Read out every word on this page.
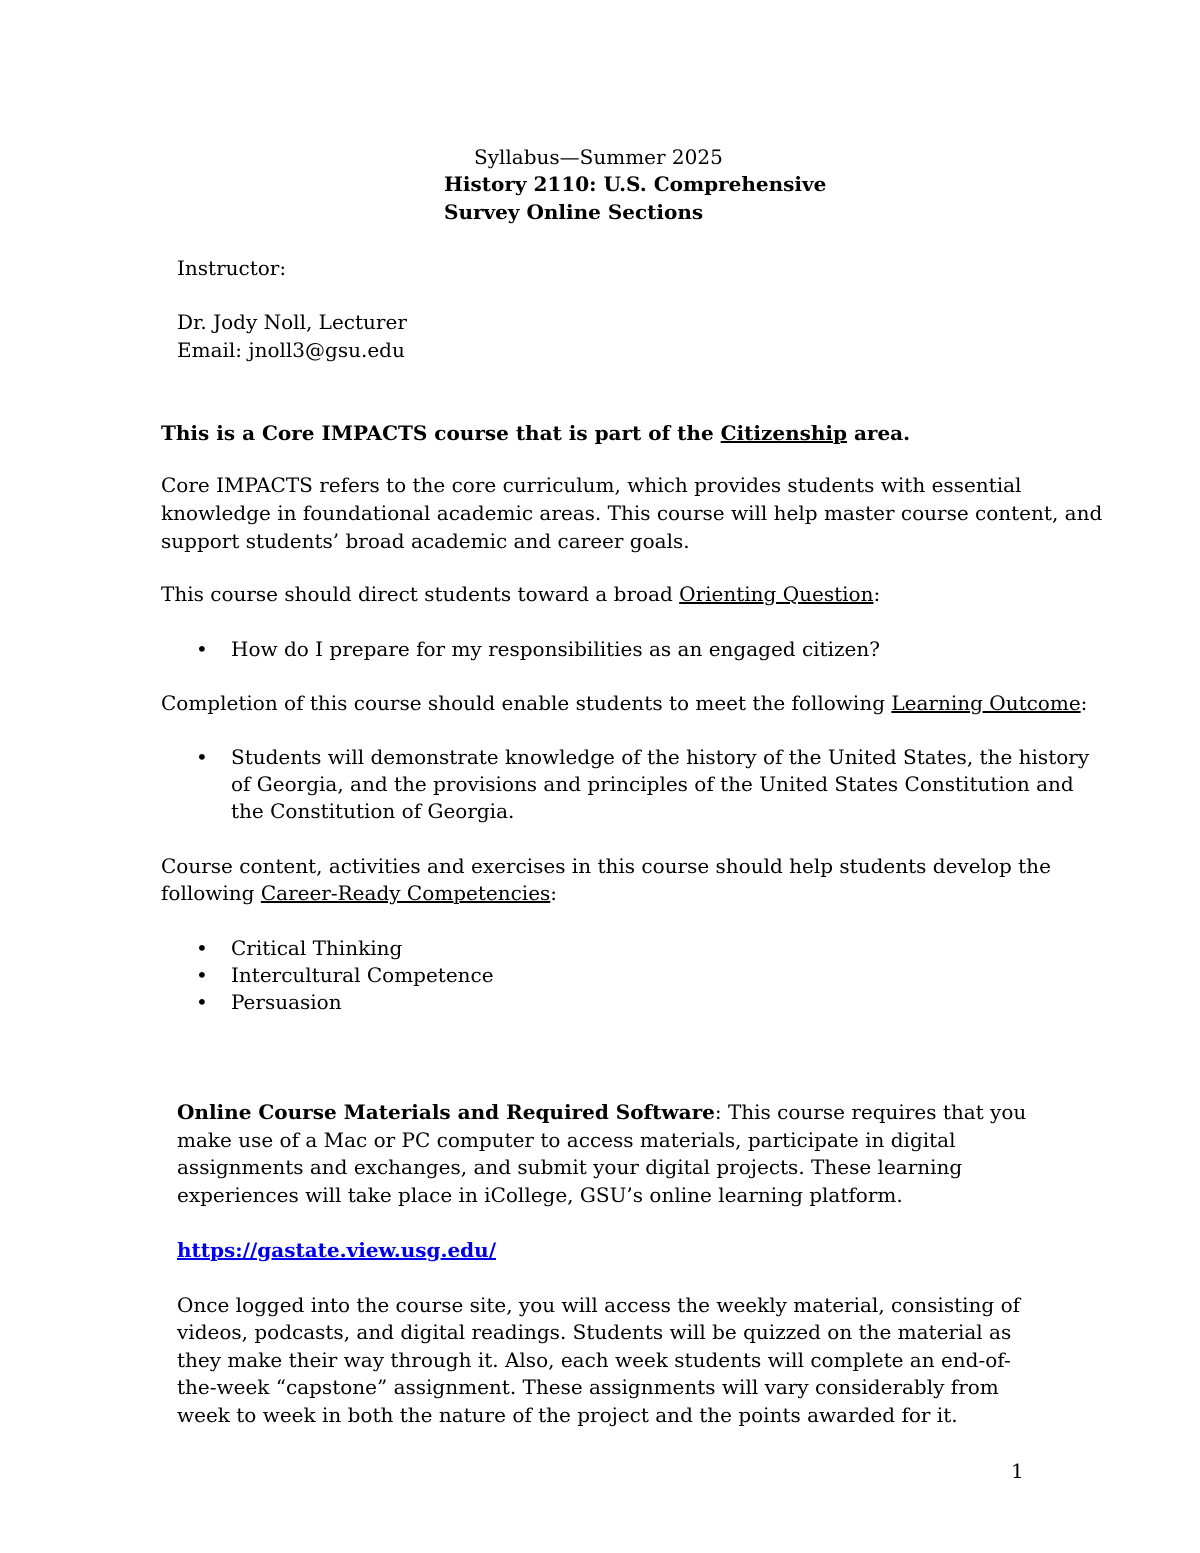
Syllabus—Summer 2025
History 2110: U.S. Comprehensive
Survey Online Sections
Instructor:
Dr. Jody Noll, Lecturer
Email: jnoll3@gsu.edu
This is a Core IMPACTS course that is part of the Citizenship area.
Core IMPACTS refers to the core curriculum, which provides students with essential
knowledge in foundational academic areas. This course will help master course content, and
support students’ broad academic and career goals.
This course should direct students toward a broad Orienting Question:
• How do I prepare for my responsibilities as an engaged citizen?
Completion of this course should enable students to meet the following Learning Outcome:
• Students will demonstrate knowledge of the history of the United States, the history
of Georgia, and the provisions and principles of the United States Constitution and
the Constitution of Georgia.
Course content, activities and exercises in this course should help students develop the
following Career-Ready Competencies:
• Critical Thinking
• Intercultural Competence
• Persuasion
Online Course Materials and Required Software: This course requires that you
make use of a Mac or PC computer to access materials, participate in digital
assignments and exchanges, and submit your digital projects. These learning
experiences will take place in iCollege, GSU’s online learning platform.
https://gastate.view.usg.edu/
Once logged into the course site, you will access the weekly material, consisting of
videos, podcasts, and digital readings. Students will be quizzed on the material as
they make their way through it. Also, each week students will complete an end-of-
the-week “capstone” assignment. These assignments will vary considerably from
week to week in both the nature of the project and the points awarded for it.
1
